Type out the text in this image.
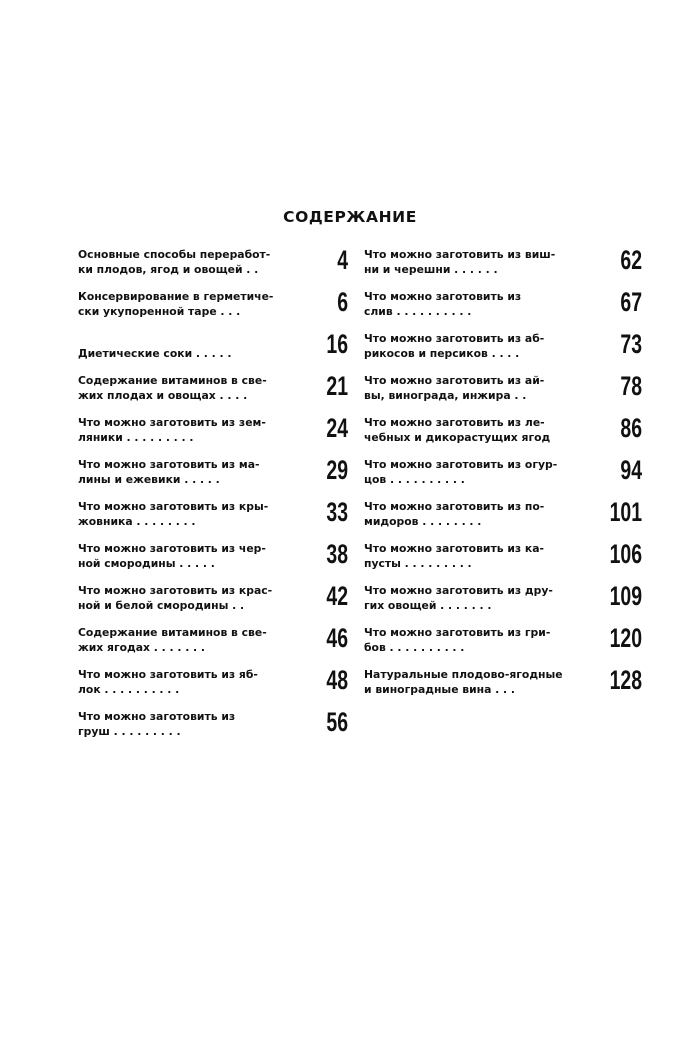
СОДЕРЖАНИЕ
Основные способы переработ-
ки плодов, ягод и овощей . .	4
Консервирование в герметиче-
ски укупоренной таре . . .	6

Диетические соки . . . . .	16
Содержание витаминов в све-
жих плодах и овощах . . . .	21
Что можно заготовить из зем-
ляники . . . . . . . . .	24
Что можно заготовить из ма-
лины и ежевики . . . . .	29
Что можно заготовить из кры-
жовника . . . . . . . .	33
Что можно заготовить из чер-
ной смородины . . . . .	38
Что можно заготовить из крас-
ной и белой смородины . .	42
Содержание витаминов в све-
жих ягодах . . . . . . .	46
Что можно заготовить из яб-
лок . . . . . . . . . .	48
Что можно заготовить из
груш . . . . . . . . .	56
Что можно заготовить из виш-
ни и черешни . . . . . .	62
Что можно заготовить из
слив . . . . . . . . . .	67
Что можно заготовить из аб-
рикосов и персиков . . . .	73
Что можно заготовить из ай-
вы, винограда, инжира . .	78
Что можно заготовить из ле-
чебных и дикорастущих ягод	86
Что можно заготовить из огур-
цов . . . . . . . . . .	94
Что можно заготовить из по-
мидоров . . . . . . . .	101
Что можно заготовить из ка-
пусты . . . . . . . . .	106
Что можно заготовить из дру-
гих овощей . . . . . . .	109
Что можно заготовить из гри-
бов . . . . . . . . . .	120
Натуральные плодово-ягодные
и виноградные вина . . .	128
